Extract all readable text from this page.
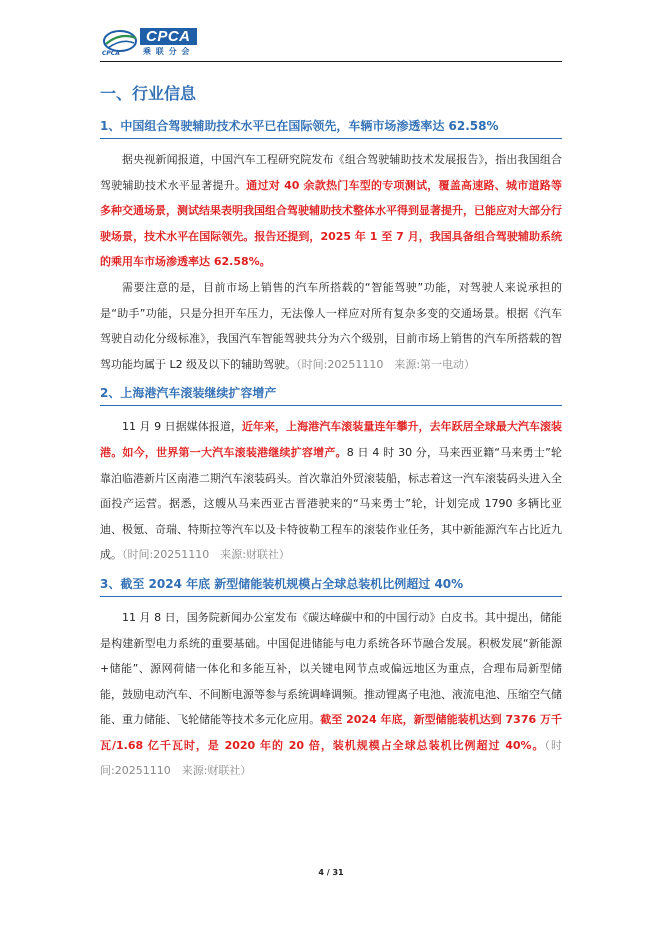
CPCA
乘 联 分 会
CPCA
一、行业信息
1、中国组合驾驶辅助技术水平已在国际领先，车辆市场渗透率达 62.58%

据央视新闻报道，中国汽车工程研究院发布《组合驾驶辅助技术发展报告》，指出我国组合驾驶辅助技术水平显著提升。通过对 40 余款热门车型的专项测试，覆盖高速路、城市道路等多种交通场景，测试结果表明我国组合驾驶辅助技术整体水平得到显著提升，已能应对大部分行驶场景，技术水平在国际领先。报告还提到，2025 年 1 至 7 月，我国具备组合驾驶辅助系统的乘用车市场渗透率达 62.58%。

需要注意的是，目前市场上销售的汽车所搭载的“智能驾驶”功能，对驾驶人来说承担的是“助手”功能，只是分担开车压力，无法像人一样应对所有复杂多变的交通场景。根据《汽车驾驶自动化分级标准》，我国汽车智能驾驶共分为六个级别，目前市场上销售的汽车所搭载的智驾功能均属于 L2 级及以下的辅助驾驶。（时间:20251110　来源:第一电动）

2、上海港汽车滚装继续扩容增产

11 月 9 日据媒体报道，近年来，上海港汽车滚装量连年攀升，去年跃居全球最大汽车滚装港。如今，世界第一大汽车滚装港继续扩容增产。8 日 4 时 30 分，马来西亚籍“马来勇士”轮靠泊临港新片区南港二期汽车滚装码头。首次靠泊外贸滚装船，标志着这一汽车滚装码头进入全面投产运营。据悉，这艘从马来西亚古晋港驶来的“马来勇士”轮，计划完成 1790 多辆比亚迪、极氪、奇瑞、特斯拉等汽车以及卡特彼勒工程车的滚装作业任务，其中新能源汽车占比近九成。（时间:20251110　来源:财联社）

3、截至 2024 年底 新型储能装机规模占全球总装机比例超过 40%

11 月 8 日，国务院新闻办公室发布《碳达峰碳中和的中国行动》白皮书。其中提出，储能是构建新型电力系统的重要基础。中国促进储能与电力系统各环节融合发展。积极发展“新能源+储能”、源网荷储一体化和多能互补，以关键电网节点或偏远地区为重点，合理布局新型储能，鼓励电动汽车、不间断电源等参与系统调峰调频。推动锂离子电池、液流电池、压缩空气储能、重力储能、飞轮储能等技术多元化应用。截至 2024 年底，新型储能装机达到 7376 万千瓦/1.68 亿千瓦时，是 2020 年的 20 倍，装机规模占全球总装机比例超过 40%。（时间:20251110　来源:财联社）

4 / 31
